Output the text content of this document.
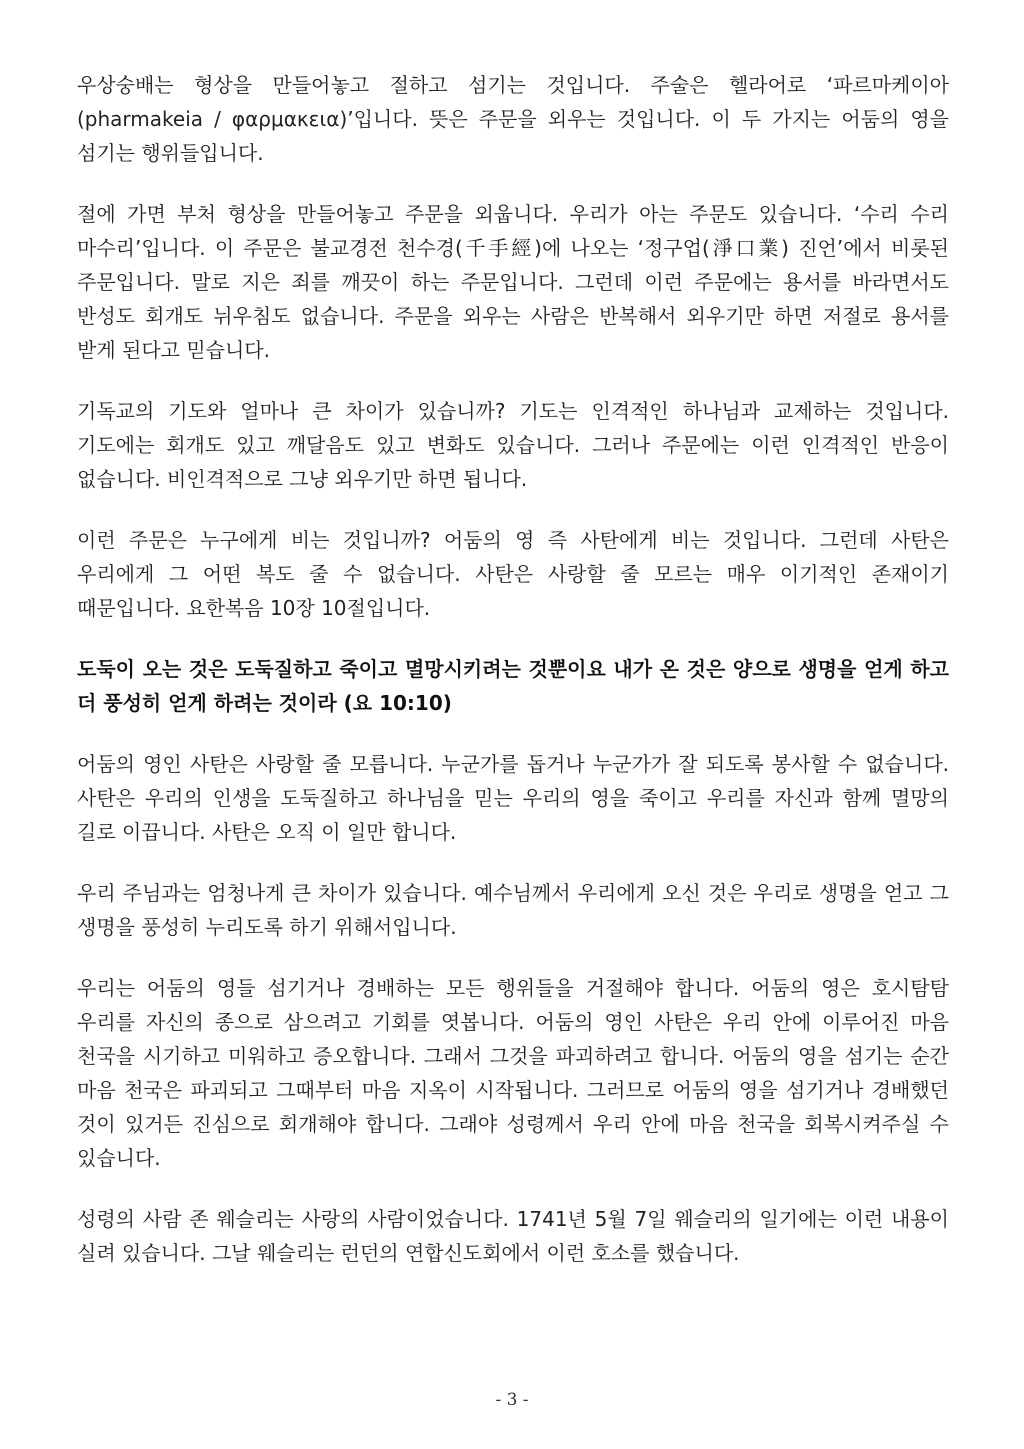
우상숭배는 형상을 만들어놓고 절하고 섬기는 것입니다. 주술은 헬라어로 ‘파르마케이아(pharmakeia / φαρμακεια)’입니다. 뜻은 주문을 외우는 것입니다. 이 두 가지는 어둠의 영을 섬기는 행위들입니다.

절에 가면 부처 형상을 만들어놓고 주문을 외웁니다. 우리가 아는 주문도 있습니다. ‘수리 수리 마수리’입니다. 이 주문은 불교경전 천수경(千手經)에 나오는 ‘정구업(淨口業) 진언’에서 비롯된 주문입니다. 말로 지은 죄를 깨끗이 하는 주문입니다. 그런데 이런 주문에는 용서를 바라면서도 반성도 회개도 뉘우침도 없습니다. 주문을 외우는 사람은 반복해서 외우기만 하면 저절로 용서를 받게 된다고 믿습니다.

기독교의 기도와 얼마나 큰 차이가 있습니까? 기도는 인격적인 하나님과 교제하는 것입니다. 기도에는 회개도 있고 깨달음도 있고 변화도 있습니다. 그러나 주문에는 이런 인격적인 반응이 없습니다. 비인격적으로 그냥 외우기만 하면 됩니다.

이런 주문은 누구에게 비는 것입니까? 어둠의 영 즉 사탄에게 비는 것입니다. 그런데 사탄은 우리에게 그 어떤 복도 줄 수 없습니다. 사탄은 사랑할 줄 모르는 매우 이기적인 존재이기 때문입니다. 요한복음 10장 10절입니다.

도둑이 오는 것은 도둑질하고 죽이고 멸망시키려는 것뿐이요 내가 온 것은 양으로 생명을 얻게 하고 더 풍성히 얻게 하려는 것이라 (요 10:10)

어둠의 영인 사탄은 사랑할 줄 모릅니다. 누군가를 돕거나 누군가가 잘 되도록 봉사할 수 없습니다. 사탄은 우리의 인생을 도둑질하고 하나님을 믿는 우리의 영을 죽이고 우리를 자신과 함께 멸망의 길로 이끕니다. 사탄은 오직 이 일만 합니다.

우리 주님과는 엄청나게 큰 차이가 있습니다. 예수님께서 우리에게 오신 것은 우리로 생명을 얻고 그 생명을 풍성히 누리도록 하기 위해서입니다.

우리는 어둠의 영들 섬기거나 경배하는 모든 행위들을 거절해야 합니다. 어둠의 영은 호시탐탐 우리를 자신의 종으로 삼으려고 기회를 엿봅니다. 어둠의 영인 사탄은 우리 안에 이루어진 마음 천국을 시기하고 미워하고 증오합니다. 그래서 그것을 파괴하려고 합니다. 어둠의 영을 섬기는 순간 마음 천국은 파괴되고 그때부터 마음 지옥이 시작됩니다. 그러므로 어둠의 영을 섬기거나 경배했던 것이 있거든 진심으로 회개해야 합니다. 그래야 성령께서 우리 안에 마음 천국을 회복시켜주실 수 있습니다.

성령의 사람 존 웨슬리는 사랑의 사람이었습니다. 1741년 5월 7일 웨슬리의 일기에는 이런 내용이 실려 있습니다. 그날 웨슬리는 런던의 연합신도회에서 이런 호소를 했습니다.

- 3 -
